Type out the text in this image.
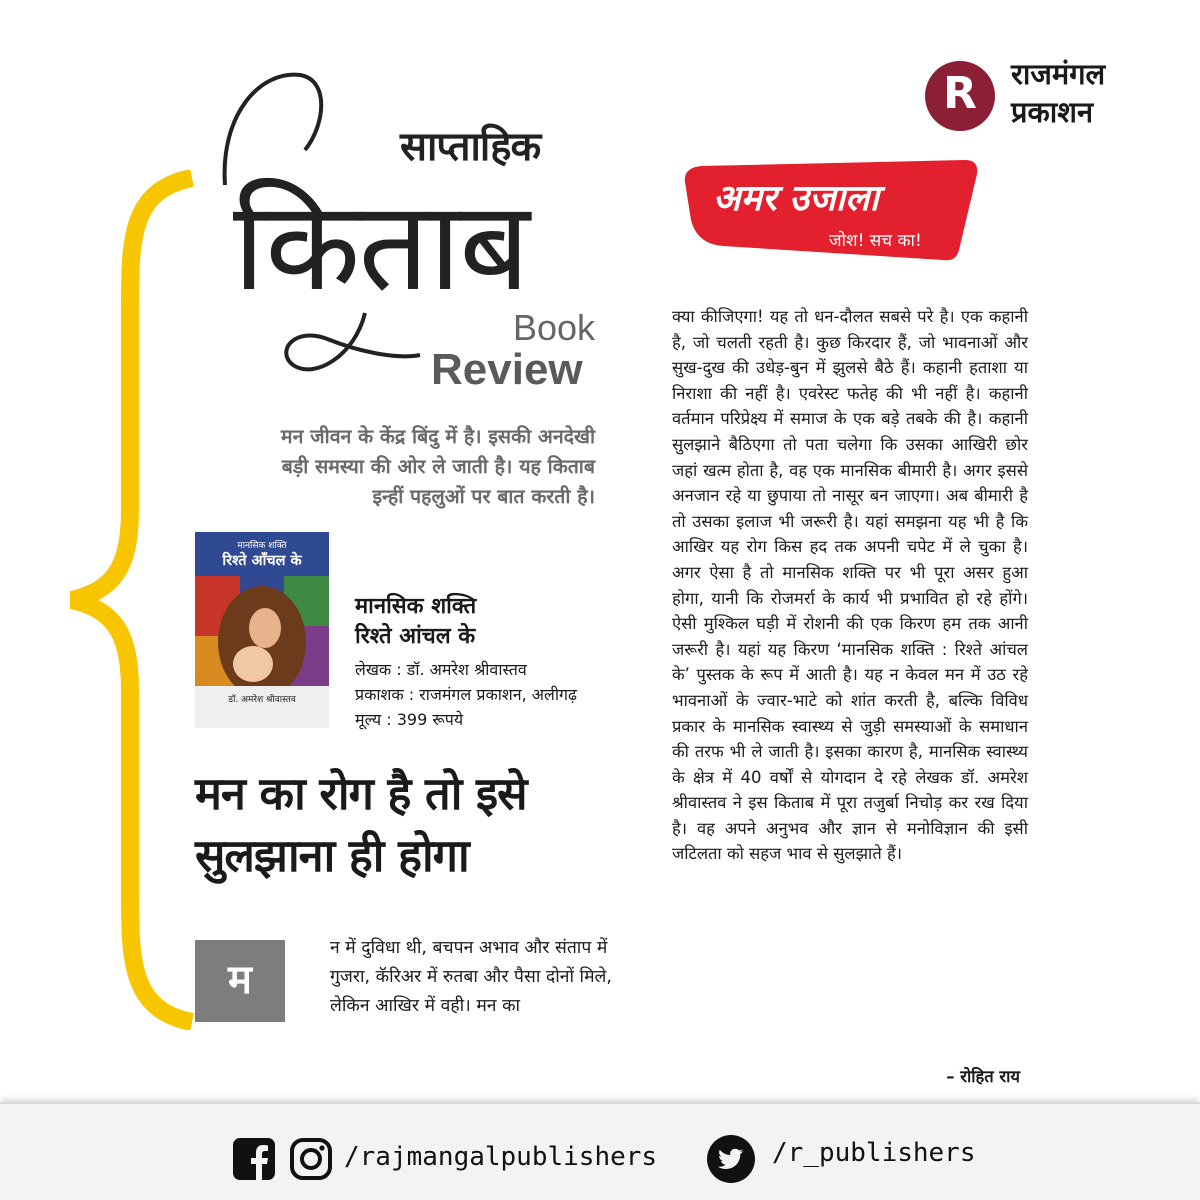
साप्ताहिक
किताब
Book
Review
R	राजमंगल
प्रकाशन
अमर उजाला
जोश! सच का!
मन जीवन के केंद्र बिंदु में है। इसकी अनदेखी बड़ी समस्या की ओर ले जाती है। यह किताब इन्हीं पहलुओं पर बात करती है।
मानसिक शक्ति
रिश्ते आँचल के
डॉ. अमरेश श्रीवास्तव
मानसिक शक्ति
रिश्ते आंचल के
लेखक : डॉ. अमरेश श्रीवास्तव
प्रकाशक : राजमंगल प्रकाशन, अलीगढ़
मूल्य : 399 रूपये
मन का रोग है तो इसे
सुलझाना ही होगा
म
न में दुविधा थी, बचपन अभाव और संताप में गुजरा, कॅरिअर में रुतबा और पैसा दोनों मिले, लेकिन आखिर में वही। मन का
क्या कीजिएगा! यह तो धन-दौलत सबसे परे है। एक कहानी है, जो चलती रहती है। कुछ किरदार हैं, जो भावनाओं और सुख-दुख की उधेड़-बुन में झुलसे बैठे हैं। कहानी हताशा या निराशा की नहीं है। एवरेस्ट फतेह की भी नहीं है। कहानी वर्तमान परिप्रेक्ष्य में समाज के एक बड़े तबके की है। कहानी सुलझाने बैठिएगा तो पता चलेगा कि उसका आखिरी छोर जहां खत्म होता है, वह एक मानसिक बीमारी है। अगर इससे अनजान रहे या छुपाया तो नासूर बन जाएगा। अब बीमारी है तो उसका इलाज भी जरूरी है। यहां समझना यह भी है कि आखिर यह रोग किस हद तक अपनी चपेट में ले चुका है। अगर ऐसा है तो मानसिक शक्ति पर भी पूरा असर हुआ होगा, यानी कि रोजमर्रा के कार्य भी प्रभावित हो रहे होंगे। ऐसी मुश्किल घड़ी में रोशनी की एक किरण हम तक आनी जरूरी है। यहां यह किरण ‘मानसिक शक्ति : रिश्ते आंचल के’ पुस्तक के रूप में आती है। यह न केवल मन में उठ रहे भावनाओं के ज्वार-भाटे को शांत करती है, बल्कि विविध प्रकार के मानसिक स्वास्थ्य से जुड़ी समस्याओं के समाधान की तरफ भी ले जाती है। इसका कारण है, मानसिक स्वास्थ्य के क्षेत्र में 40 वर्षों से योगदान दे रहे लेखक डॉ. अमरेश श्रीवास्तव ने इस किताब में पूरा तजुर्बा निचोड़ कर रख दिया है। वह अपने अनुभव और ज्ञान से मनोविज्ञान की इसी जटिलता को सहज भाव से सुलझाते हैं।
– रोहित राय
/rajmangalpublishers	/r_publishers
